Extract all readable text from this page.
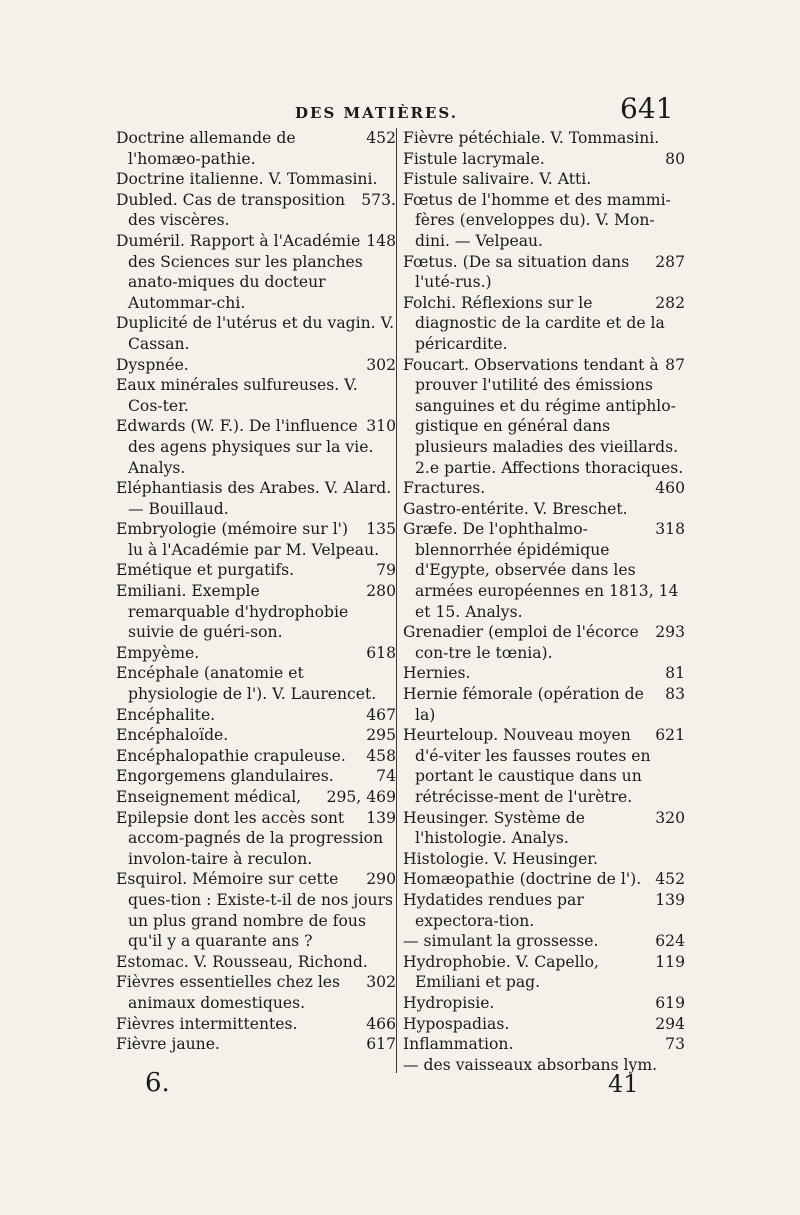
DES MATIÈRES.	641
452
Doctrine allemande de l'homæo-pathie.
Doctrine italienne. V. Tommasini.
573.
Dubled. Cas de transposition des viscères.
148
Duméril. Rapport à l'Académie des Sciences sur les planches anato-miques du docteur Autommar-chi.
Duplicité de l'utérus et du vagin. V. Cassan.
302
Dyspnée.
Eaux minérales sulfureuses. V. Cos-ter.
310
Edwards (W. F.). De l'influence des agens physiques sur la vie. Analys.
Eléphantiasis des Arabes. V. Alard. — Bouillaud.
135
Embryologie (mémoire sur l') lu à l'Académie par M. Velpeau.
79
Emétique et purgatifs.
280
Emiliani. Exemple remarquable d'hydrophobie suivie de guéri-son.
618
Empyème.
Encéphale (anatomie et physiologie de l'). V. Laurencet.
467
Encéphalite.
295
Encéphaloïde.
458
Encéphalopathie crapuleuse.
74
Engorgemens glandulaires.
295, 469
Enseignement médical,
139
Epilepsie dont les accès sont accom-pagnés de la progression involon-taire à reculon.
290
Esquirol. Mémoire sur cette ques-tion : Existe-t-il de nos jours un plus grand nombre de fous qu'il y a quarante ans ?
Estomac. V. Rousseau, Richond.
302
Fièvres essentielles chez les animaux domestiques.
466
Fièvres intermittentes.
617
Fièvre jaune.
Fièvre pétéchiale. V. Tommasini.
80
Fistule lacrymale.
Fistule salivaire. V. Atti.
Fœtus de l'homme et des mammi-fères (enveloppes du). V. Mon-dini. — Velpeau.
287
Fœtus. (De sa situation dans l'uté-rus.)
282
Folchi. Réflexions sur le diagnostic de la cardite et de la péricardite.
87
Foucart. Observations tendant à prouver l'utilité des émissions sanguines et du régime antiphlo-gistique en général dans plusieurs maladies des vieillards. 2.e partie. Affections thoraciques.
460
Fractures.
Gastro-entérite. V. Breschet.
318
Græfe. De l'ophthalmo-blennorrhée épidémique d'Egypte, observée dans les armées européennes en 1813, 14 et 15. Analys.
293
Grenadier (emploi de l'écorce con-tre le tœnia).
81
Hernies.
83
Hernie fémorale (opération de la)
621
Heurteloup. Nouveau moyen d'é-viter les fausses routes en portant le caustique dans un rétrécisse-ment de l'urètre.
320
Heusinger. Système de l'histologie. Analys.
Histologie. V. Heusinger.
452
Homæopathie (doctrine de l').
139
Hydatides rendues par expectora-tion.
624
— simulant la grossesse.
119
Hydrophobie. V. Capello, Emiliani et pag.
619
Hydropisie.
294
Hypospadias.
73
Inflammation.
— des vaisseaux absorbans lym.
6.	41
